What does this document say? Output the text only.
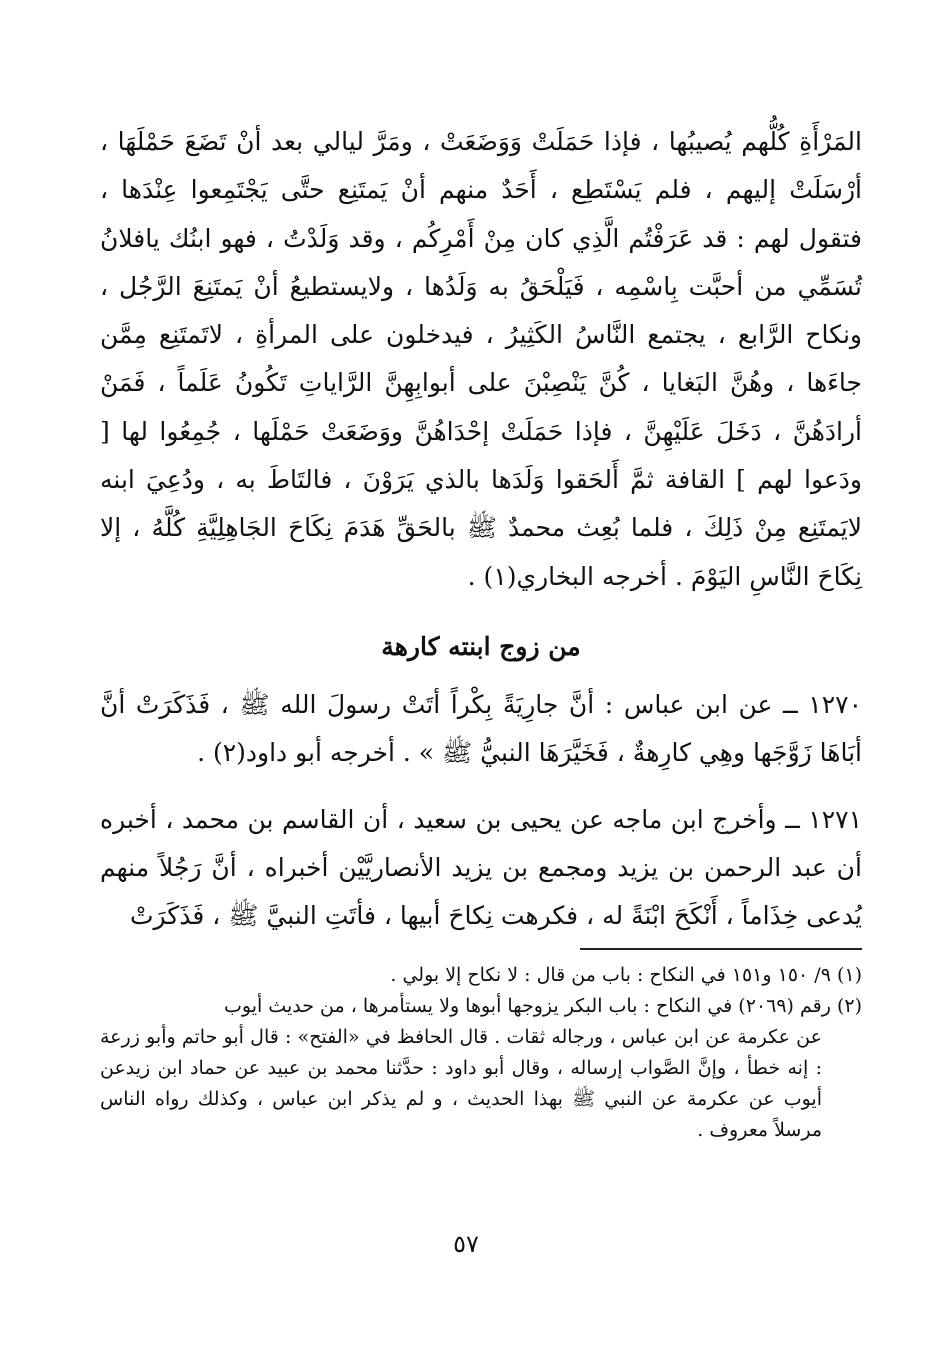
المَرْأَةِ كُلُّهم يُصيبُها ، فإذا حَمَلَتْ وَوَضَعَتْ ، ومَرَّ ليالي بعد أنْ تَضَعَ حَمْلَهَا ، أرْسَلَتْ إليهم ، فلم يَسْتَطِع ، أَحَدٌ منهم أنْ يَمتَنِع حتَّى يَجْتَمِعوا عِنْدَها ، فتقول لهم : قد عَرَفْتُم الَّذِي كان مِنْ أَمْرِكُم ، وقد وَلَدْتُ ، فهو ابنُك يافلانُ تُسَمِّي من أحبَّت بِاسْمِه ، فَيَلْحَقُ به وَلَدُها ، ولايستطيعُ أنْ يَمتَنِعَ الرَّجُل ، ونكاح الرَّابع ، يجتمع النَّاسُ الكَثِيرُ ، فيدخلون على المرأةِ ، لاتَمتَنِع مِمَّن جاءَها ، وهُنَّ البَغايا ، كُنَّ يَنْصِبْنَ على أبوابِهِنَّ الرَّاياتِ تَكُونُ عَلَماً ، فَمَنْ أرادَهُنَّ ، دَخَلَ عَلَيْهِنَّ ، فإذا حَمَلَتْ إحْدَاهُنَّ ووَضَعَتْ حَمْلَها ، جُمِعُوا لها [ ودَعوا لهم ] القافة ثمَّ أَلحَقوا وَلَدَها بالذي يَرَوْنَ ، فالتَاطَ به ، ودُعِيَ ابنه لايَمتَنِع مِنْ ذَلِكَ ، فلما بُعِث محمدٌ ﷺ بالحَقِّ هَدَمَ نِكَاحَ الجَاهِلِيَّةِ كُلَّهُ ، إلا نِكَاحَ النَّاسِ اليَوْمَ . أخرجه البخاري(١) .

من زوج ابنته كارهة

١٢٧٠ ــ عن ابن عباس : أنَّ جارِيَةً بِكْراً أتَتْ رسولَ الله ﷺ ، فَذَكَرَتْ أنَّ أبَاهَا زَوَّجَها وهِي كارِهةٌ ، فَخَيَّرَهَا النبيُّ ﷺ » . أخرجه أبو داود(٢) .

١٢٧١ ــ وأخرج ابن ماجه عن يحيى بن سعيد ، أن القاسم بن محمد ، أخبره أن عبد الرحمن بن يزيد ومجمع بن يزيد الأنصاريَّيْن أخبراه ، أنَّ رَجُلاً منهم يُدعى خِذَاماً ، أَنْكَحَ ابْنَةً له ، فكرهت نِكاحَ أبيها ، فأتَتِ النبيَّ ﷺ ، فَذَكَرَتْ

(١) ٩/ ١٥٠ و١٥١ في النكاح : باب من قال : لا نكاح إلا بولي .

(٢) رقم (٢٠٦٩) في النكاح : باب البكر يزوجها أبوها ولا يستأمرها ، من حديث أيوب

عن عكرمة عن ابن عباس ، ورجاله ثقات . قال الحافظ في «الفتح» : قال أبو حاتم وأبو زرعة : إنه خطأ ، وإنَّ الصَّواب إرساله ، وقال أبو داود : حدَّثنا محمد بن عبيد عن حماد ابن زيدعن أيوب عن عكرمة عن النبي ﷺ بهذا الحديث ، و لم يذكر ابن عباس ، وكذلك رواه الناس مرسلاً معروف .

٥٧
